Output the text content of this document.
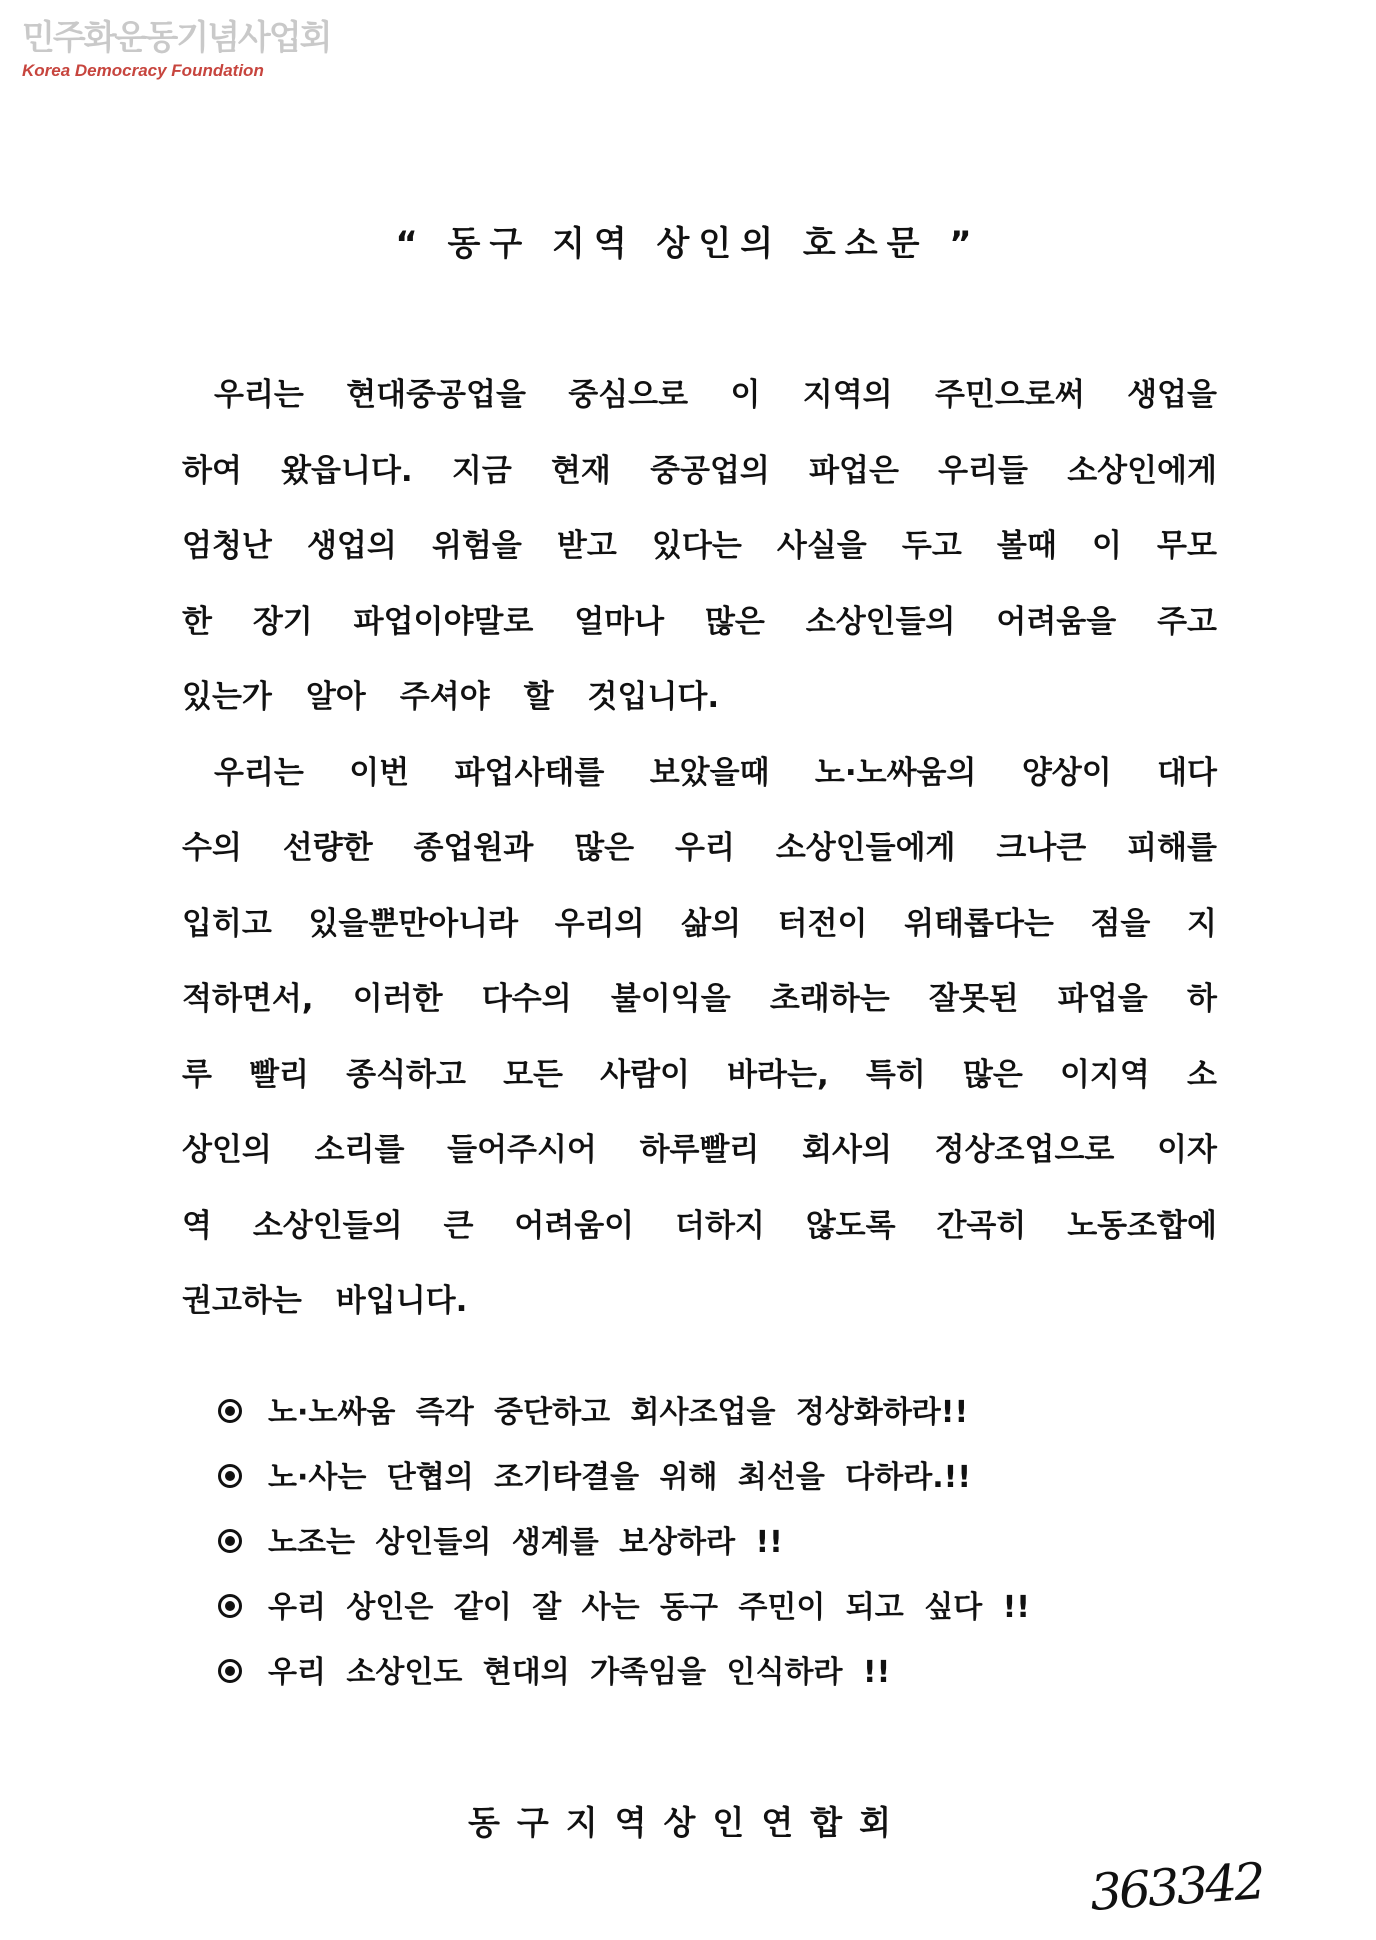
민주화운동기념사업회
Korea Democracy Foundation
“ 동구 지역 상인의 호소문 ”
우리는 현대중공업을 중심으로 이 지역의 주민으로써 생업을
하여 왔읍니다. 지금 현재 중공업의 파업은 우리들 소상인에게
엄청난 생업의 위험을 받고 있다는 사실을 두고 볼때 이 무모
한 장기 파업이야말로 얼마나 많은 소상인들의 어려움을 주고
있는가 알아 주셔야 할 것입니다.
우리는 이번 파업사태를 보았을때 노·노싸움의 양상이 대다
수의 선량한 종업원과 많은 우리 소상인들에게 크나큰 피해를
입히고 있을뿐만아니라 우리의 삶의 터전이 위태롭다는 점을 지
적하면서, 이러한 다수의 불이익을 초래하는 잘못된 파업을 하
루 빨리 종식하고 모든 사람이 바라는, 특히 많은 이지역 소
상인의 소리를 들어주시어 하루빨리 회사의 정상조업으로 이자
역 소상인들의 큰 어려움이 더하지 않도록 간곡히 노동조합에
권고하는 바입니다.
노·노싸움 즉각 중단하고 회사조업을 정상화하라!!
노·사는 단협의 조기타결을 위해 최선을 다하라.!!
노조는 상인들의 생계를 보상하라 !!
우리 상인은 같이 잘 사는 동구 주민이 되고 싶다 !!
우리 소상인도 현대의 가족임을 인식하라 !!
동구지역상인연합회
363342
